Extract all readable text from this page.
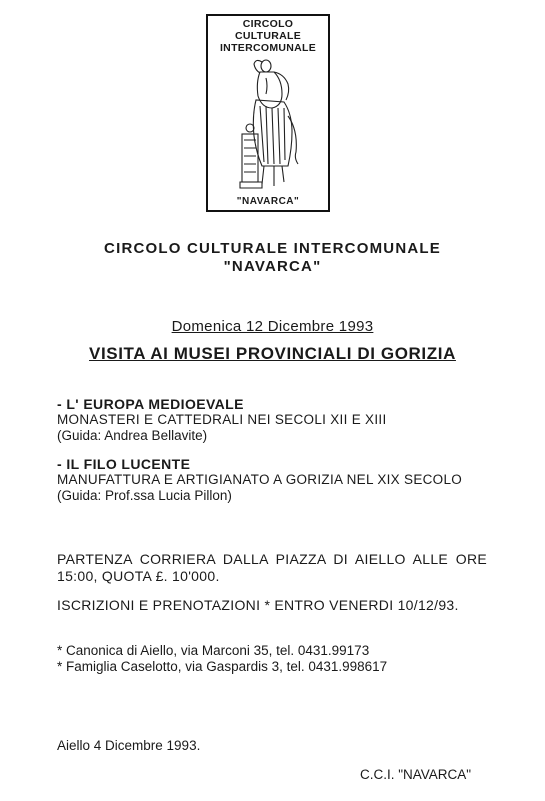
CIRCOLO
CULTURALE
INTERCOMUNALE
"NAVARCA"
CIRCOLO CULTURALE INTERCOMUNALE
"NAVARCA"
Domenica 12 Dicembre 1993
VISITA AI MUSEI PROVINCIALI DI GORIZIA
- L' EUROPA MEDIOEVALE
MONASTERI E CATTEDRALI NEI SECOLI XII E XIII
(Guida: Andrea Bellavite)
- IL FILO LUCENTE
MANUFATTURA E ARTIGIANATO A GORIZIA NEL XIX SECOLO
(Guida: Prof.ssa Lucia Pillon)
PARTENZA CORRIERA DALLA PIAZZA DI AIELLO ALLE ORE 15:00, QUOTA £. 10'000.
ISCRIZIONI E PRENOTAZIONI * ENTRO VENERDI 10/12/93.
* Canonica di Aiello, via Marconi 35, tel. 0431.99173
* Famiglia Caselotto, via Gaspardis 3, tel. 0431.998617
Aiello 4 Dicembre 1993.
C.C.I. "NAVARCA"
